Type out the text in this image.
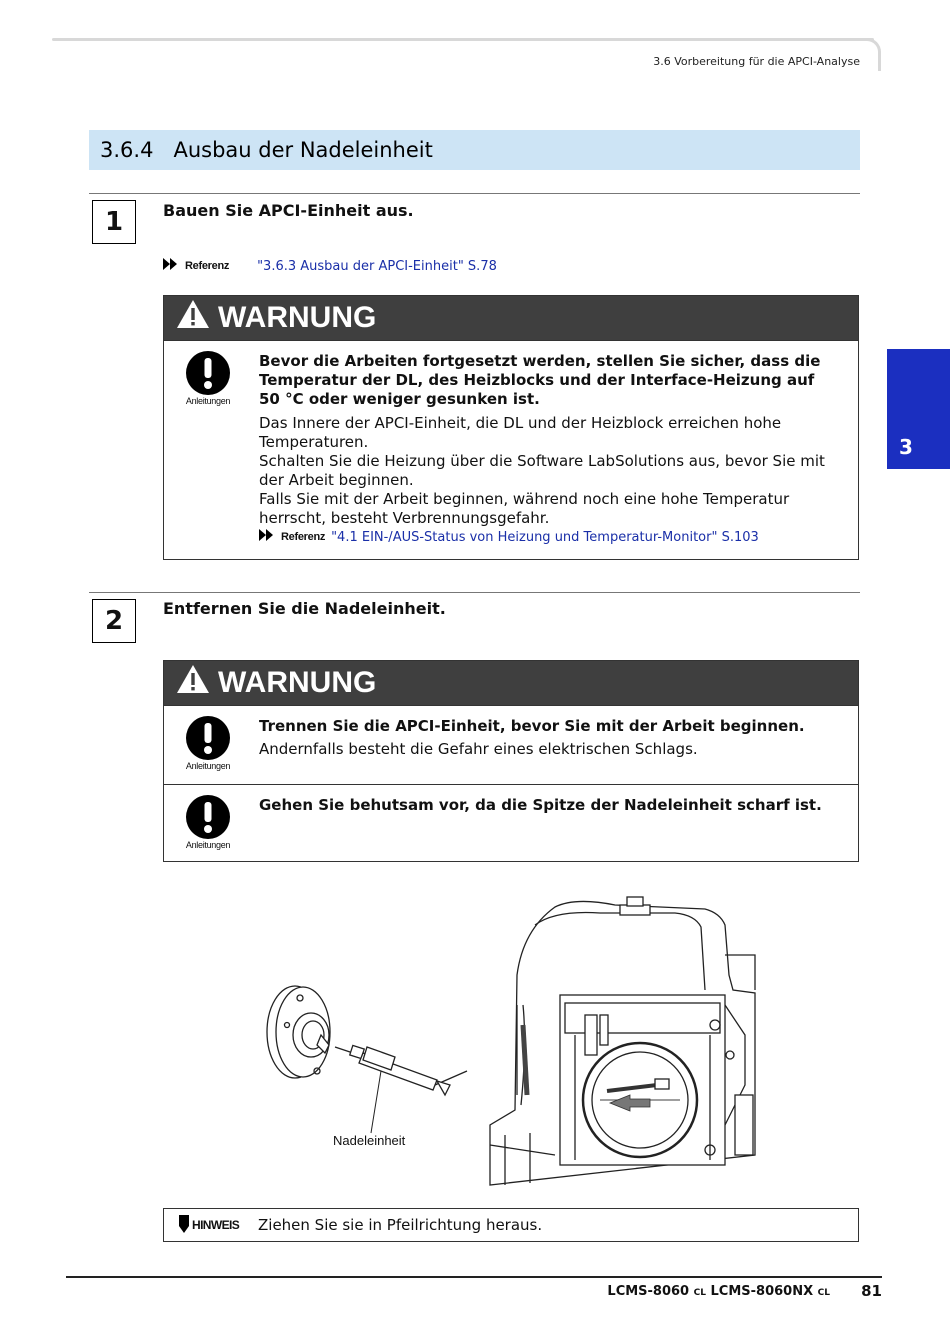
3.6 Vorbereitung für die APCI-Analyse
3.6.4   Ausbau der Nadeleinheit
3
1	Bauen Sie APCI-Einheit aus.
Referenz "3.6.3 Ausbau der APCI-Einheit" S.78
WARNUNG
Anleitungen
Bevor die Arbeiten fortgesetzt werden, stellen Sie sicher, dass die Temperatur der DL, des Heizblocks und der Interface-Heizung auf 50 °C oder weniger gesunken ist.
Das Innere der APCI-Einheit, die DL und der Heizblock erreichen hohe Temperaturen.
Schalten Sie die Heizung über die Software LabSolutions aus, bevor Sie mit der Arbeit beginnen.
Falls Sie mit der Arbeit beginnen, während noch eine hohe Temperatur herrscht, besteht Verbrennungsgefahr.
Referenz "4.1 EIN-/AUS-Status von Heizung und Temperatur-Monitor" S.103
2	Entfernen Sie die Nadeleinheit.
WARNUNG
Anleitungen
Trennen Sie die APCI-Einheit, bevor Sie mit der Arbeit beginnen.
Andernfalls besteht die Gefahr eines elektrischen Schlags.
Anleitungen
Gehen Sie behutsam vor, da die Spitze der Nadeleinheit scharf ist.
Nadeleinheit
HINWEIS Ziehen Sie sie in Pfeilrichtung heraus.
LCMS-8060 CL LCMS-8060NX CL 81
